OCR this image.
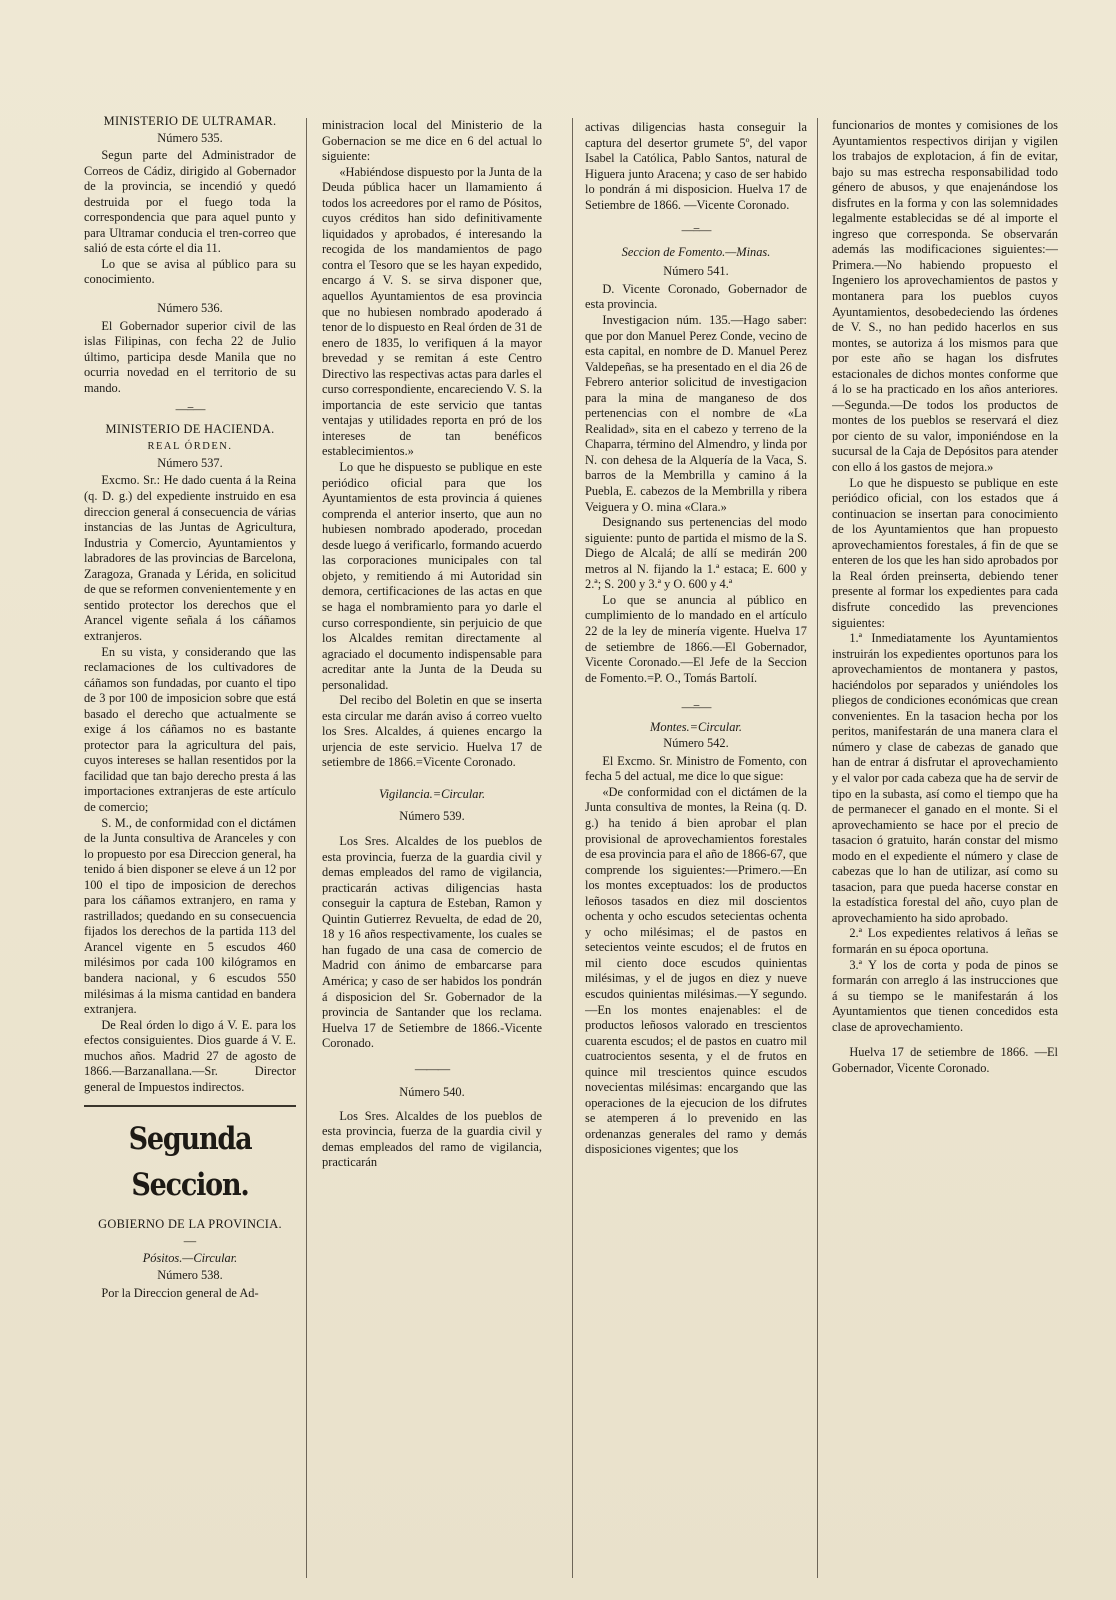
MINISTERIO DE ULTRAMAR.

Número 535.

Segun parte del Administrador de Correos de Cádiz, dirigido al Gobernador de la provincia, se incendió y quedó destruida por el fuego toda la correspondencia que para aquel punto y para Ultramar conducia el tren-correo que salió de esta córte el dia 11.

Lo que se avisa al público para su conocimiento.

Número 536.

El Gobernador superior civil de las islas Filipinas, con fecha 22 de Julio último, participa desde Manila que no ocurria novedad en el territorio de su mando.

—=—

MINISTERIO DE HACIENDA.

REAL ÓRDEN.

Número 537.

Excmo. Sr.: He dado cuenta á la Reina (q. D. g.) del expediente instruido en esa direccion general á consecuencia de várias instancias de las Juntas de Agricultura, Industria y Comercio, Ayuntamientos y labradores de las provincias de Barcelona, Zaragoza, Granada y Lérida, en solicitud de que se reformen convenientemente y en sentido protector los derechos que el Arancel vigente señala á los cáñamos extranjeros.

En su vista, y considerando que las reclamaciones de los cultivadores de cáñamos son fundadas, por cuanto el tipo de 3 por 100 de imposicion sobre que está basado el derecho que actualmente se exige á los cáñamos no es bastante protector para la agricultura del pais, cuyos intereses se hallan resentidos por la facilidad que tan bajo derecho presta á las importaciones extranjeras de este artículo de comercio;

S. M., de conformidad con el dictámen de la Junta consultiva de Aranceles y con lo propuesto por esa Direccion general, ha tenido á bien disponer se eleve á un 12 por 100 el tipo de imposicion de derechos para los cáñamos extranjero, en rama y rastrillados; quedando en su consecuencia fijados los derechos de la partida 113 del Arancel vigente en 5 escudos 460 milésimos por cada 100 kilógramos en bandera nacional, y 6 escudos 550 milésimas á la misma cantidad en bandera extranjera.

De Real órden lo digo á V. E. para los efectos consiguientes. Dios guarde á V. E. muchos años. Madrid 27 de agosto de 1866.—Barzanallana.—Sr. Director general de Impuestos indirectos.

Segunda Seccion.

GOBIERNO DE LA PROVINCIA.

—

Pósitos.—Circular.

Número 538.

Por la Direccion general de Ad-

ministracion local del Ministerio de la Gobernacion se me dice en 6 del actual lo siguiente:

«Habiéndose dispuesto por la Junta de la Deuda pública hacer un llamamiento á todos los acreedores por el ramo de Pósitos, cuyos créditos han sido definitivamente liquidados y aprobados, é interesando la recogida de los mandamientos de pago contra el Tesoro que se les hayan expedido, encargo á V. S. se sirva disponer que, aquellos Ayuntamientos de esa provincia que no hubiesen nombrado apoderado á tenor de lo dispuesto en Real órden de 31 de enero de 1835, lo verifiquen á la mayor brevedad y se remitan á este Centro Directivo las respectivas actas para darles el curso correspondiente, encareciendo V. S. la importancia de este servicio que tantas ventajas y utilidades reporta en pró de los intereses de tan benéficos establecimientos.»

Lo que he dispuesto se publique en este periódico oficial para que los Ayuntamientos de esta provincia á quienes comprenda el anterior inserto, que aun no hubiesen nombrado apoderado, procedan desde luego á verificarlo, formando acuerdo las corporaciones municipales con tal objeto, y remitiendo á mi Autoridad sin demora, certificaciones de las actas en que se haga el nombramiento para yo darle el curso correspondiente, sin perjuicio de que los Alcaldes remitan directamente al agraciado el documento indispensable para acreditar ante la Junta de la Deuda su personalidad.

Del recibo del Boletin en que se inserta esta circular me darán aviso á correo vuelto los Sres. Alcaldes, á quienes encargo la urjencia de este servicio. Huelva 17 de setiembre de 1866.=Vicente Coronado.

Vigilancia.=Circular.

Número 539.

Los Sres. Alcaldes de los pueblos de esta provincia, fuerza de la guardia civil y demas empleados del ramo de vigilancia, practicarán activas diligencias hasta conseguir la captura de Esteban, Ramon y Quintin Gutierrez Revuelta, de edad de 20, 18 y 16 años respectivamente, los cuales se han fugado de una casa de comercio de Madrid con ánimo de embarcarse para América; y caso de ser habidos los pondrán á disposicion del Sr. Gobernador de la provincia de Santander que los reclama. Huelva 17 de Setiembre de 1866.-Vicente Coronado.

———

Número 540.

Los Sres. Alcaldes de los pueblos de esta provincia, fuerza de la guardia civil y demas empleados del ramo de vigilancia, practicarán

activas diligencias hasta conseguir la captura del desertor grumete 5º, del vapor Isabel la Católica, Pablo Santos, natural de Higuera junto Aracena; y caso de ser habido lo pondrán á mi disposicion. Huelva 17 de Setiembre de 1866. —Vicente Coronado.

—=—

Seccion de Fomento.—Minas.

Número 541.

D. Vicente Coronado, Gobernador de esta provincia.

Investigacion núm. 135.—Hago saber: que por don Manuel Perez Conde, vecino de esta capital, en nombre de D. Manuel Perez Valdepeñas, se ha presentado en el dia 26 de Febrero anterior solicitud de investigacion para la mina de manganeso de dos pertenencias con el nombre de «La Realidad», sita en el cabezo y terreno de la Chaparra, término del Almendro, y linda por N. con dehesa de la Alquería de la Vaca, S. barros de la Membrilla y camino á la Puebla, E. cabezos de la Membrilla y ribera Veiguera y O. mina «Clara.»

Designando sus pertenencias del modo siguiente: punto de partida el mismo de la S. Diego de Alcalá; de allí se medirán 200 metros al N. fijando la 1.ª estaca; E. 600 y 2.ª; S. 200 y 3.ª y O. 600 y 4.ª

Lo que se anuncia al público en cumplimiento de lo mandado en el artículo 22 de la ley de minería vigente. Huelva 17 de setiembre de 1866.—El Gobernador, Vicente Coronado.—El Jefe de la Seccion de Fomento.=P. O., Tomás Bartolí.

—=—

Montes.=Circular.

Número 542.

El Excmo. Sr. Ministro de Fomento, con fecha 5 del actual, me dice lo que sigue:

«De conformidad con el dictámen de la Junta consultiva de montes, la Reina (q. D. g.) ha tenido á bien aprobar el plan provisional de aprovechamientos forestales de esa provincia para el año de 1866-67, que comprende los siguientes:—Primero.—En los montes exceptuados: los de productos leñosos tasados en diez mil doscientos ochenta y ocho escudos setecientas ochenta y ocho milésimas; el de pastos en setecientos veinte escudos; el de frutos en mil ciento doce escudos quinientas milésimas, y el de jugos en diez y nueve escudos quinientas milésimas.—Y segundo.—En los montes enajenables: el de productos leñosos valorado en trescientos cuarenta escudos; el de pastos en cuatro mil cuatrocientos sesenta, y el de frutos en quince mil trescientos quince escudos novecientas milésimas: encargando que las operaciones de la ejecucion de los difrutes se atemperen á lo prevenido en las ordenanzas generales del ramo y demás disposiciones vigentes; que los

funcionarios de montes y comisiones de los Ayuntamientos respectivos dirijan y vigilen los trabajos de explotacion, á fin de evitar, bajo su mas estrecha responsabilidad todo género de abusos, y que enajenándose los disfrutes en la forma y con las solemnidades legalmente establecidas se dé al importe el ingreso que corresponda. Se observarán además las modificaciones siguientes:—Primera.—No habiendo propuesto el Ingeniero los aprovechamientos de pastos y montanera para los pueblos cuyos Ayuntamientos, desobedeciendo las órdenes de V. S., no han pedido hacerlos en sus montes, se autoriza á los mismos para que por este año se hagan los disfrutes estacionales de dichos montes conforme que á lo se ha practicado en los años anteriores.—Segunda.—De todos los productos de montes de los pueblos se reservará el diez por ciento de su valor, imponiéndose en la sucursal de la Caja de Depósitos para atender con ello á los gastos de mejora.»

Lo que he dispuesto se publique en este periódico oficial, con los estados que á continuacion se insertan para conocimiento de los Ayuntamientos que han propuesto aprovechamientos forestales, á fin de que se enteren de los que les han sido aprobados por la Real órden preinserta, debiendo tener presente al formar los expedientes para cada disfrute concedido las prevenciones siguientes:

1.ª Inmediatamente los Ayuntamientos instruirán los expedientes oportunos para los aprovechamientos de montanera y pastos, haciéndolos por separados y uniéndoles los pliegos de condiciones económicas que crean convenientes. En la tasacion hecha por los peritos, manifestarán de una manera clara el número y clase de cabezas de ganado que han de entrar á disfrutar el aprovechamiento y el valor por cada cabeza que ha de servir de tipo en la subasta, así como el tiempo que ha de permanecer el ganado en el monte. Si el aprovechamiento se hace por el precio de tasacion ó gratuito, harán constar del mismo modo en el expediente el número y clase de cabezas que lo han de utilizar, así como su tasacion, para que pueda hacerse constar en la estadística forestal del año, cuyo plan de aprovechamiento ha sido aprobado.

2.ª Los expedientes relativos á leñas se formarán en su época oportuna.

3.ª Y los de corta y poda de pinos se formarán con arreglo á las instrucciones que á su tiempo se le manifestarán á los Ayuntamientos que tienen concedidos esta clase de aprovechamiento.

Huelva 17 de setiembre de 1866. —El Gobernador, Vicente Coronado.
